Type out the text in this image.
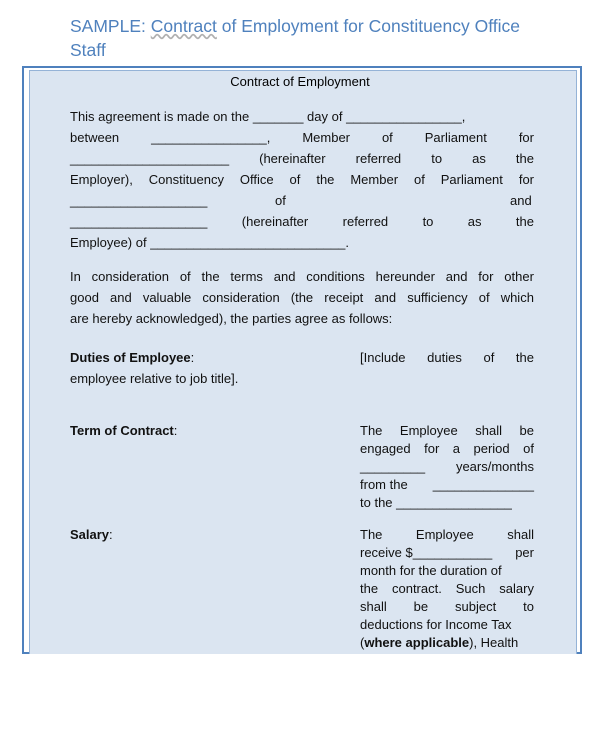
SAMPLE: Contract of Employment for Constituency Office
Staff
Contract of Employment
This agreement is made on the _______ day of ________________,
between ________________, Member of Parliament for
______________________ (hereinafter referred to as the
Employer), Constituency Office of the Member of Parliament for
___________________	of	and
___________________	(hereinafter	referred	to	as	the
Employee) of ___________________________.
In consideration of the terms and conditions hereunder and for other
good and valuable consideration (the receipt and sufficiency of which
are hereby acknowledged), the parties agree as follows:
Duties of Employee:	[Include duties of the
employee relative to job title].
Term of Contract:	The Employee shall be
engaged for a period of
_________ years/months
from the ______________
to the ________________
Salary:	The	Employee	shall
receive $___________ per
month for the duration of
the contract. Such salary
shall be subject to
deductions for Income Tax
(where applicable), Health
